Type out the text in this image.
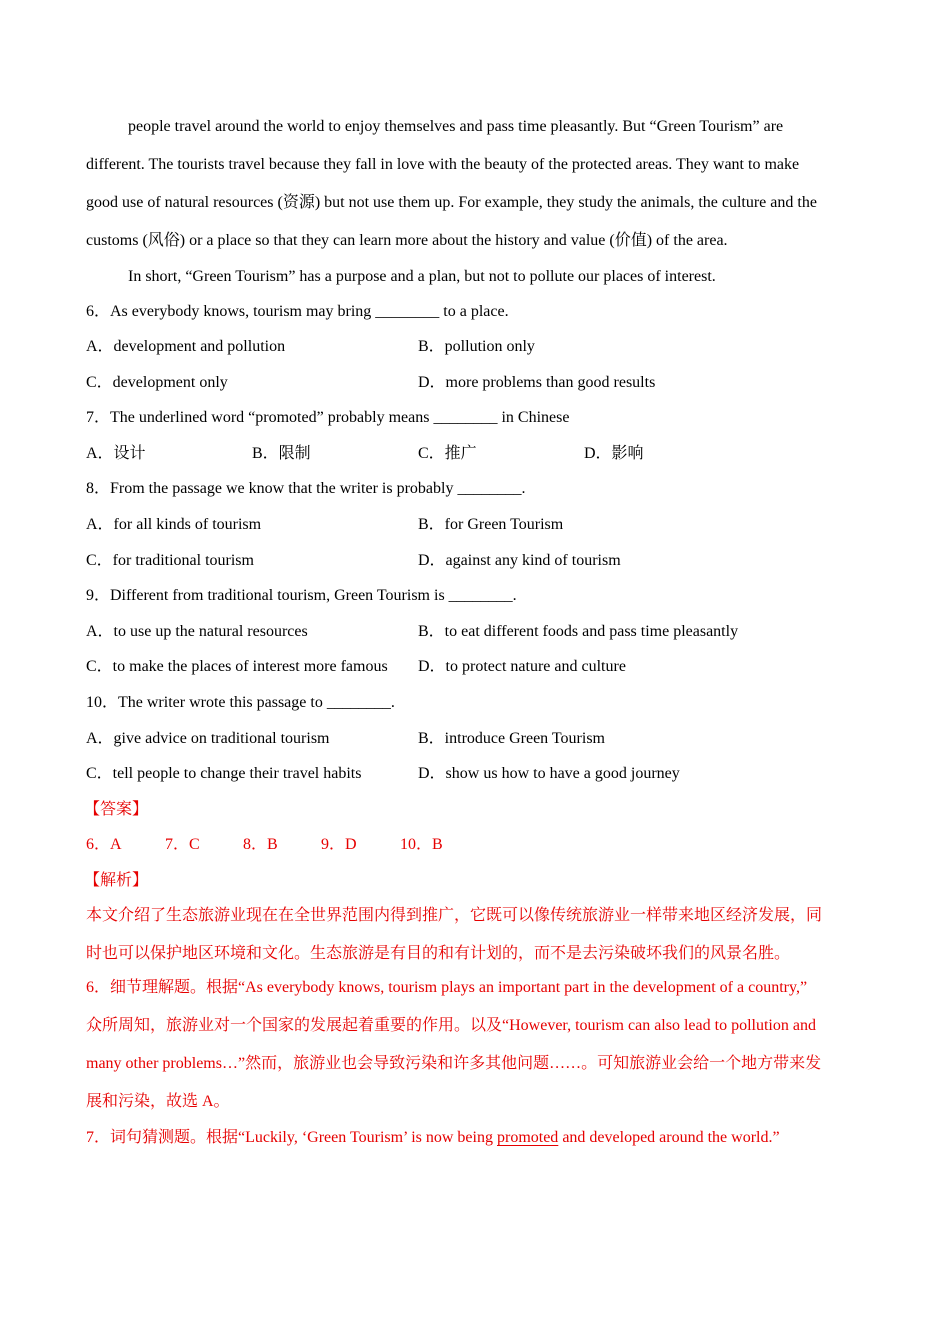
people travel around the world to enjoy themselves and pass time pleasantly. But “Green Tourism” are
different. The tourists travel because they fall in love with the beauty of the protected areas. They want to make
good use of natural resources (资源) but not use them up. For example, they study the animals, the culture and the
customs (风俗) or a place so that they can learn more about the history and value (价值) of the area.
In short, “Green Tourism” has a purpose and a plan, but not to pollute our places of interest.
6．As everybody knows, tourism may bring ________ to a place.
A．development and pollution	B．pollution only
C．development only	D．more problems than good results
7．The underlined word “promoted” probably means ________ in Chinese
A．设计	B．限制	C．推广	D．影响
8．From the passage we know that the writer is probably ________.
A．for all kinds of tourism	B．for Green Tourism
C．for traditional tourism	D．against any kind of tourism
9．Different from traditional tourism, Green Tourism is ________.
A．to use up the natural resources	B．to eat different foods and pass time pleasantly
C．to make the places of interest more famous D．to protect nature and culture
10．The writer wrote this passage to ________.
A．give advice on traditional tourism	B．introduce Green Tourism
C．tell people to change their travel habits	D．show us how to have a good journey
【答案】
6．A	7．C	8．B	9．D	10．B
【解析】
本文介绍了生态旅游业现在在全世界范围内得到推广，它既可以像传统旅游业一样带来地区经济发展，同
时也可以保护地区环境和文化。生态旅游是有目的和有计划的，而不是去污染破坏我们的风景名胜。
6．细节理解题。根据“As everybody knows, tourism plays an important part in the development of a country,”
众所周知，旅游业对一个国家的发展起着重要的作用。以及“However, tourism can also lead to pollution and
many other problems…”然而，旅游业也会导致污染和许多其他问题……。可知旅游业会给一个地方带来发
展和污染，故选 A。
7．词句猜测题。根据“Luckily, ‘Green Tourism’ is now being promoted and developed around the world.”
